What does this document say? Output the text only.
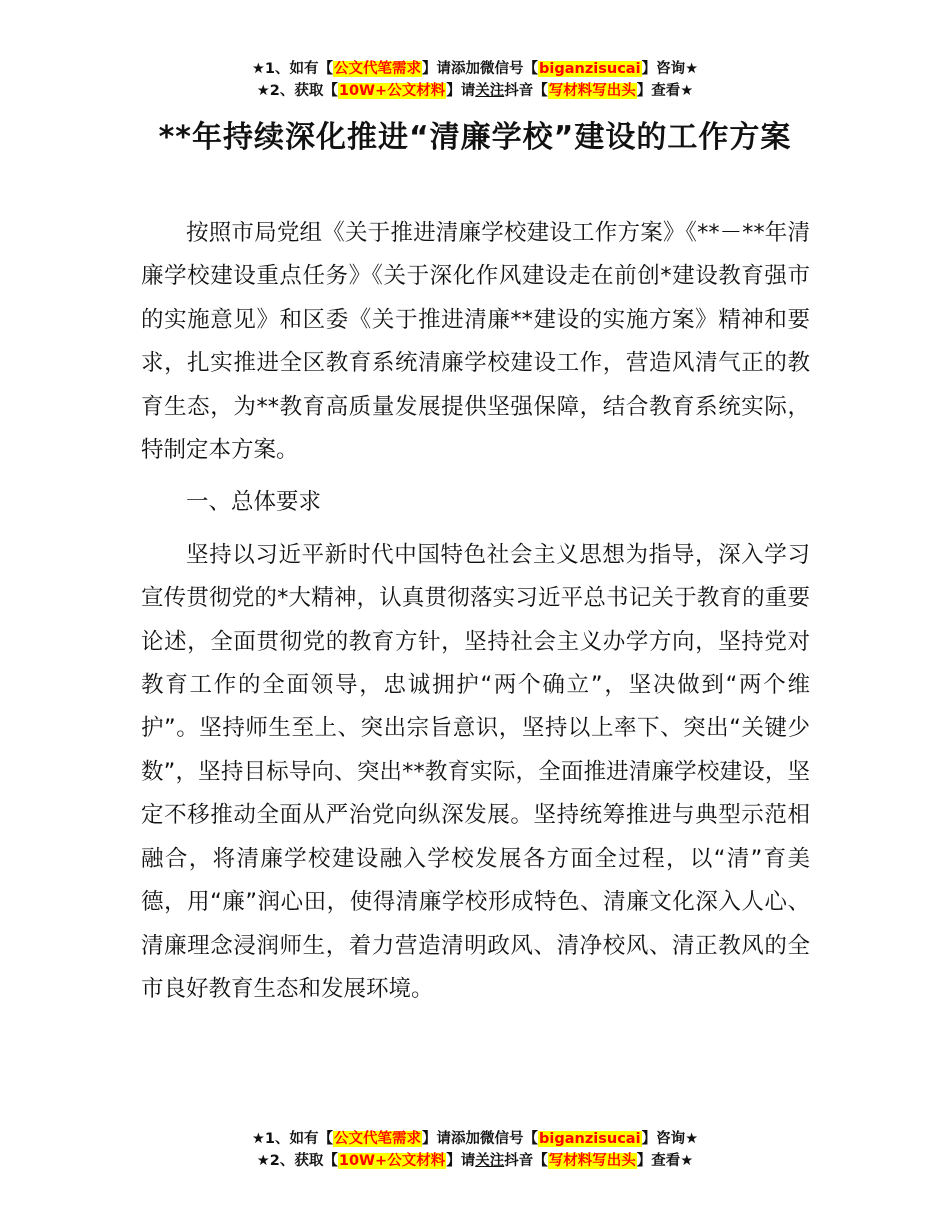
★1、如有【公文代笔需求】请添加微信号【biganzisucai】咨询★
★2、获取【10W+公文材料】请关注抖音【写材料写出头】查看★
**年持续深化推进“清廉学校”建设的工作方案

按照市局党组《关于推进清廉学校建设工作方案》《**－**年清廉学校建设重点任务》《关于深化作风建设走在前创*建设教育强市的实施意见》和区委《关于推进清廉**建设的实施方案》精神和要求，扎实推进全区教育系统清廉学校建设工作，营造风清气正的教育生态，为**教育高质量发展提供坚强保障，结合教育系统实际，特制定本方案。

一、总体要求

坚持以习近平新时代中国特色社会主义思想为指导，深入学习宣传贯彻党的*大精神，认真贯彻落实习近平总书记关于教育的重要论述，全面贯彻党的教育方针，坚持社会主义办学方向，坚持党对教育工作的全面领导，忠诚拥护“两个确立”，坚决做到“两个维护”。坚持师生至上、突出宗旨意识，坚持以上率下、突出“关键少数”，坚持目标导向、突出**教育实际，全面推进清廉学校建设，坚定不移推动全面从严治党向纵深发展。坚持统筹推进与典型示范相融合，将清廉学校建设融入学校发展各方面全过程，以“清”育美德，用“廉”润心田，使得清廉学校形成特色、清廉文化深入人心、清廉理念浸润师生，着力营造清明政风、清净校风、清正教风的全市良好教育生态和发展环境。

★1、如有【公文代笔需求】请添加微信号【biganzisucai】咨询★
★2、获取【10W+公文材料】请关注抖音【写材料写出头】查看★
